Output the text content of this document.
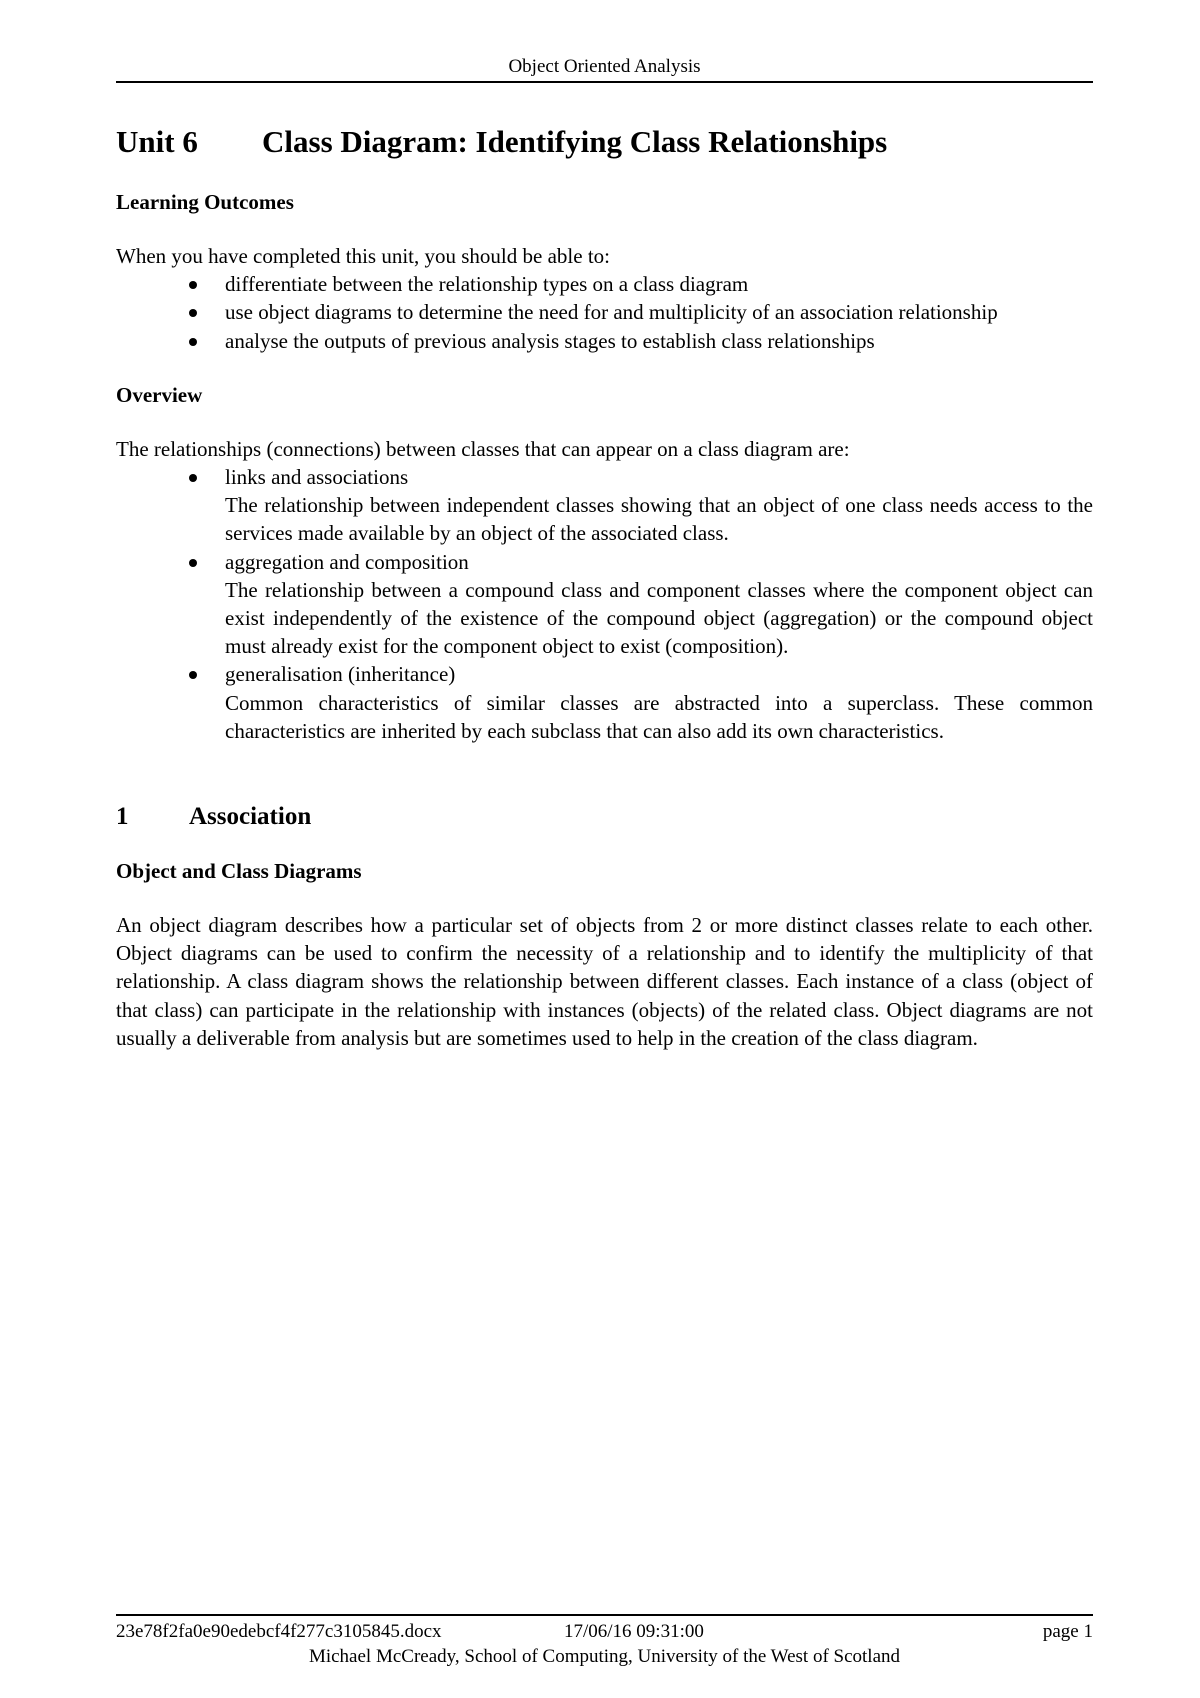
Object Oriented Analysis
Unit 6	Class Diagram: Identifying Class Relationships
Learning Outcomes

When you have completed this unit, you should be able to:

differentiate between the relationship types on a class diagram
use object diagrams to determine the need for and multiplicity of an association relationship
analyse the outputs of previous analysis stages to establish class relationships
Overview

The relationships (connections) between classes that can appear on a class diagram are:

links and associations
The relationship between independent classes showing that an object of one class needs access to the services made available by an object of the associated class.
aggregation and composition
The relationship between a compound class and component classes where the component object can exist independently of the existence of the compound object (aggregation) or the compound object must already exist for the component object to exist (composition).
generalisation (inheritance)
Common characteristics of similar classes are abstracted into a superclass. These common characteristics are inherited by each subclass that can also add its own characteristics.
1	Association
Object and Class Diagrams

An object diagram describes how a particular set of objects from 2 or more distinct classes relate to each other. Object diagrams can be used to confirm the necessity of a relationship and to identify the multiplicity of that relationship. A class diagram shows the relationship between different classes. Each instance of a class (object of that class) can participate in the relationship with instances (objects) of the related class. Object diagrams are not usually a deliverable from analysis but are sometimes used to help in the creation of the class diagram.

23e78f2fa0e90edebcf4f277c3105845.docx	17/06/16 09:31:00	page 1
Michael McCready, School of Computing, University of the West of Scotland
